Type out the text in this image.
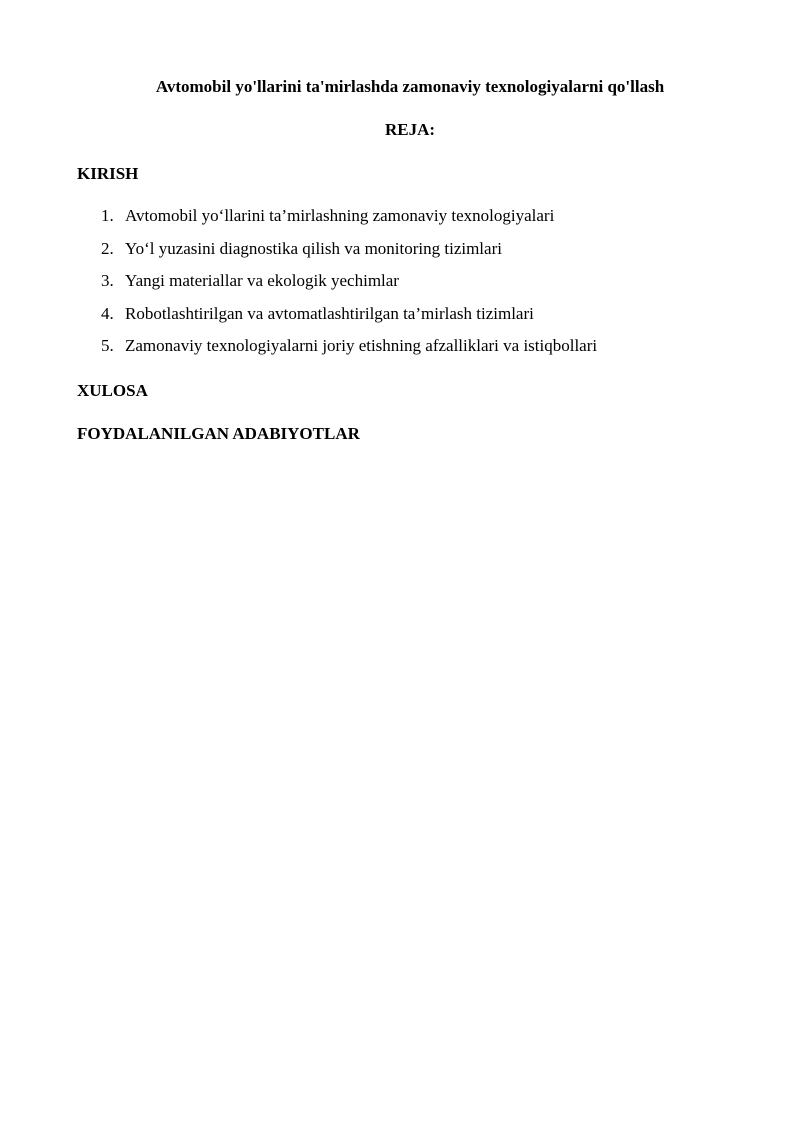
Avtomobil yo'llarini ta'mirlashda zamonaviy texnologiyalarni qo'llash
REJA:
KIRISH
1. Avtomobil yo‘llarini ta’mirlashning zamonaviy texnologiyalari
2. Yo‘l yuzasini diagnostika qilish va monitoring tizimlari
3. Yangi materiallar va ekologik yechimlar
4. Robotlashtirilgan va avtomatlashtirilgan ta’mirlash tizimlari
5. Zamonaviy texnologiyalarni joriy etishning afzalliklari va istiqbollari
XULOSA
FOYDALANILGAN ADABIYOTLAR
